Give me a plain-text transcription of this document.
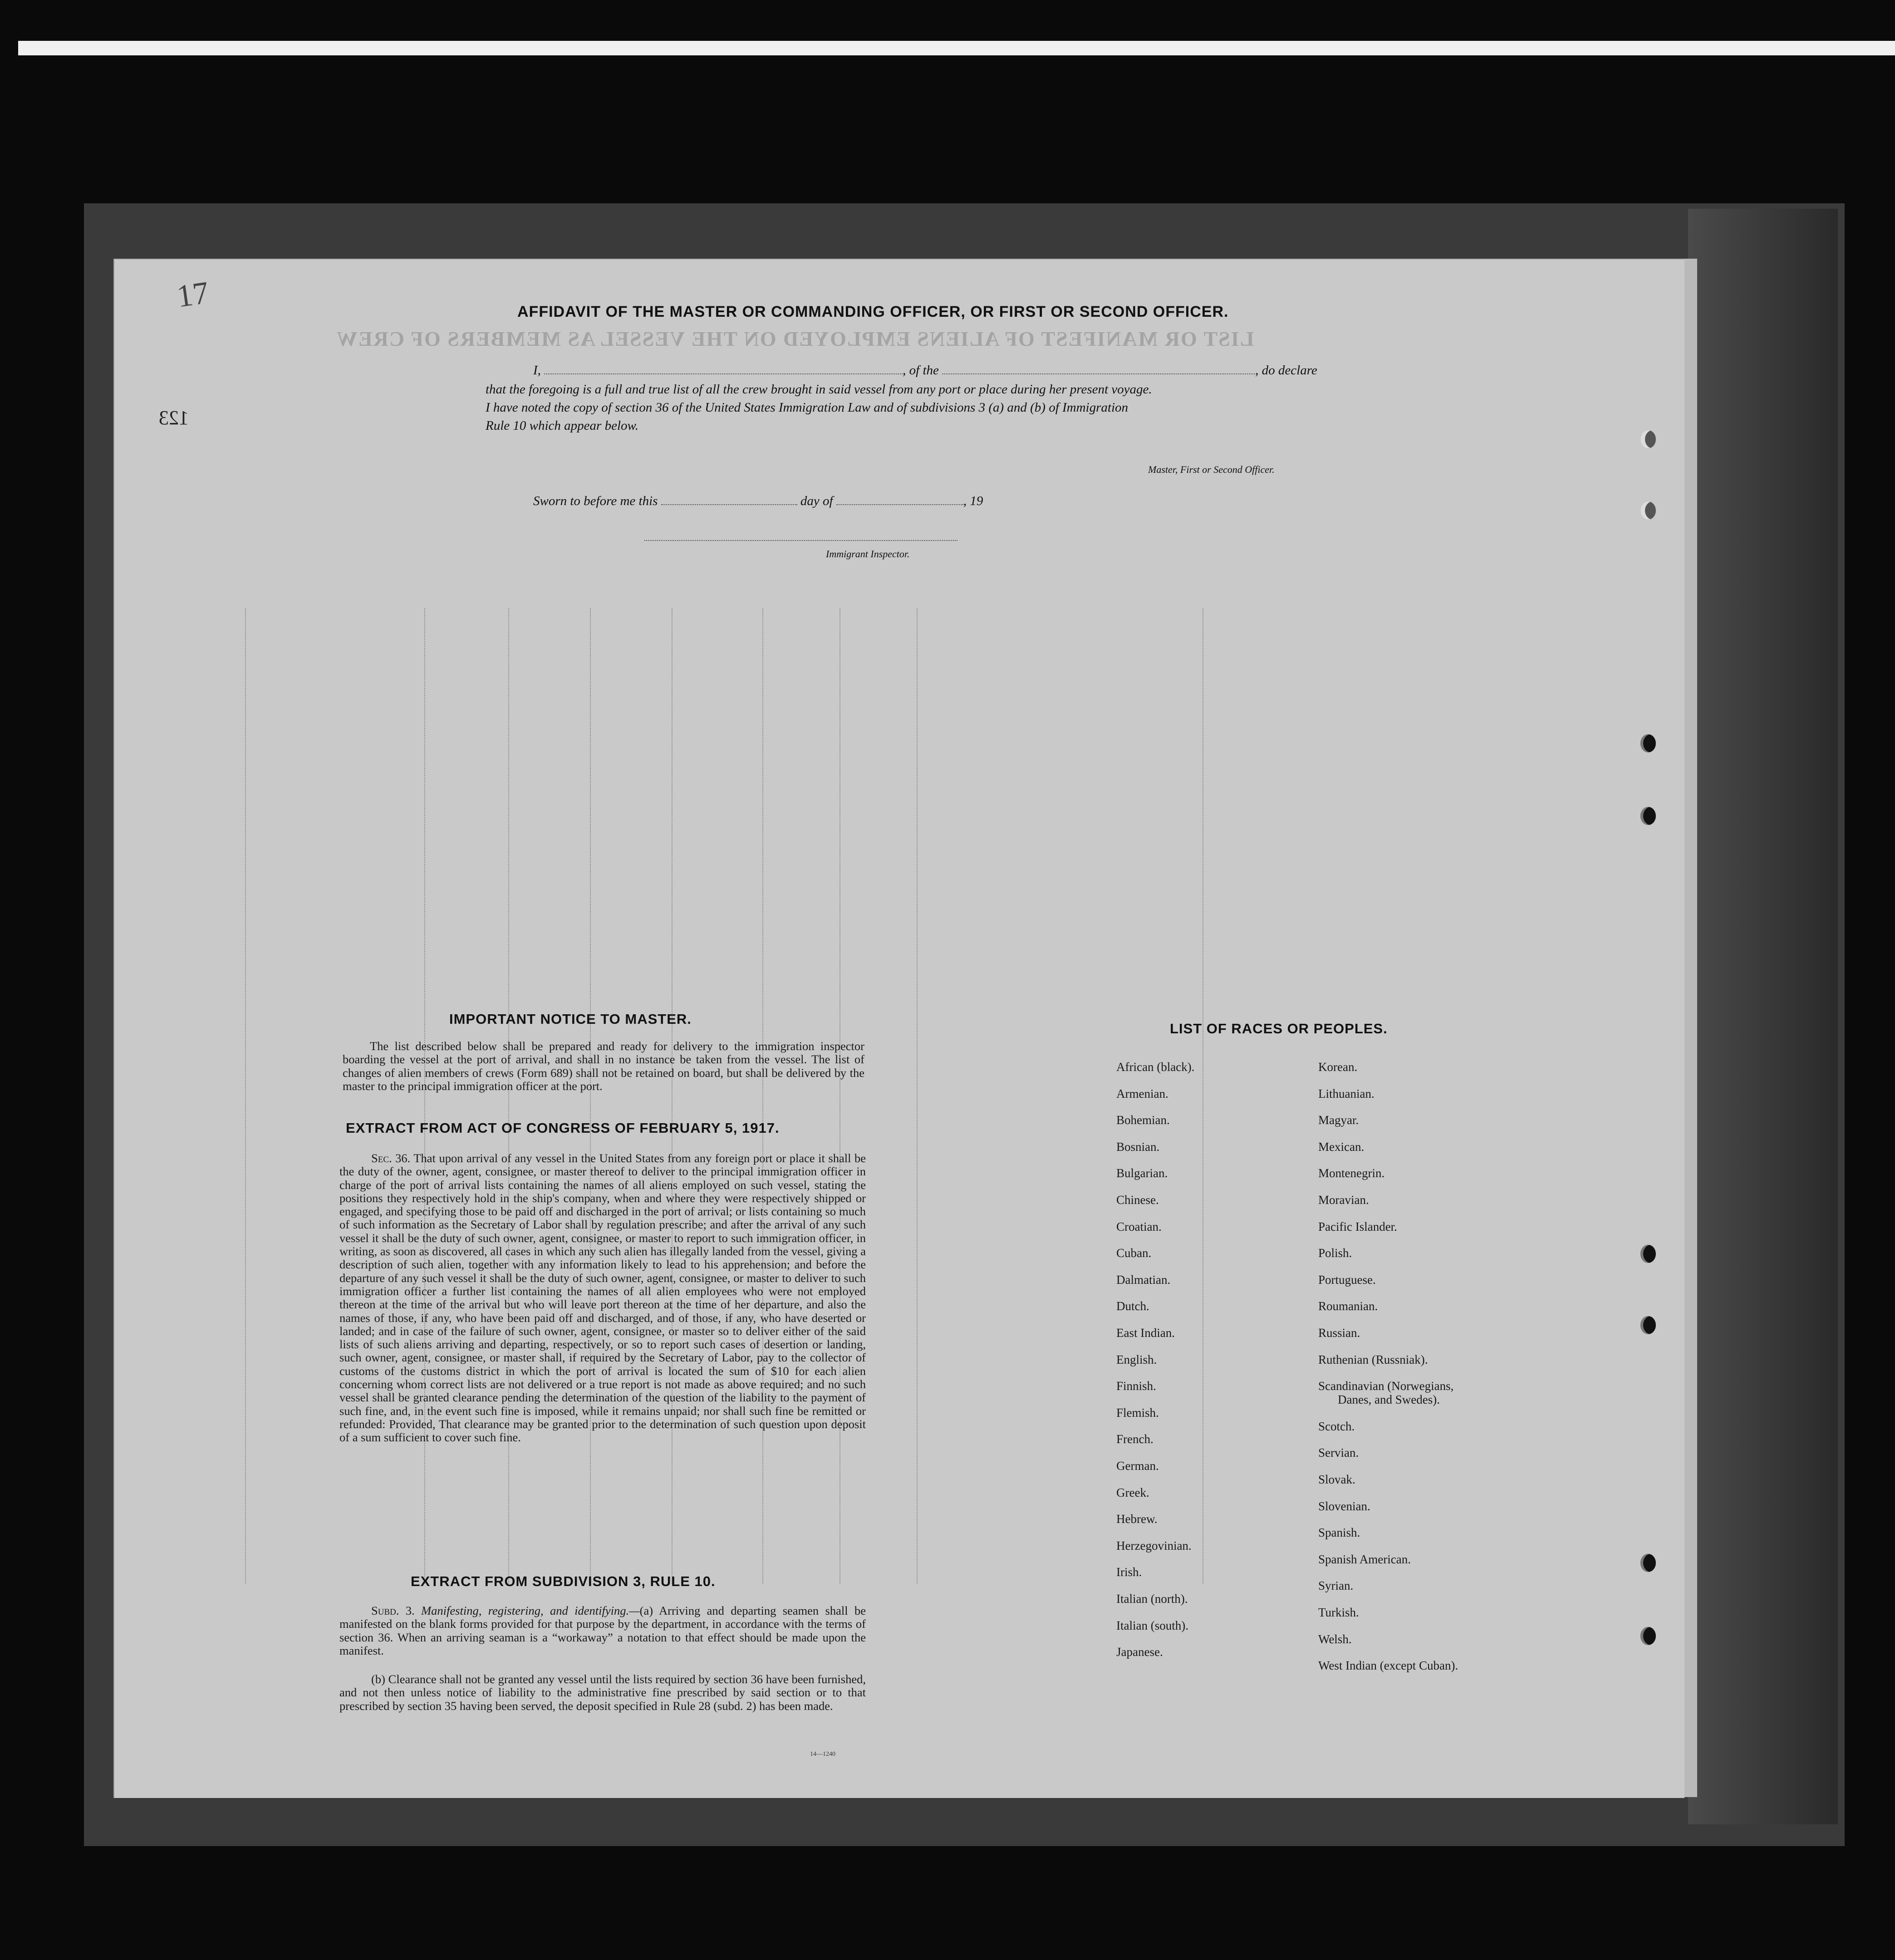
LIST OR MANIFEST OF ALIENS EMPLOYED ON THE VESSEL AS MEMBERS OF CREW
17
123
AFFIDAVIT OF THE MASTER OR COMMANDING OFFICER, OR FIRST OR SECOND OFFICER.
I,	, of the	, do declare
that the foregoing is a full and true list of all the crew brought in said vessel from any port or place during her present voyage.
I have noted the copy of section 36 of the United States Immigration Law and of subdivisions 3 (a) and (b) of Immigration
Rule 10 which appear below.
Master, First or Second Officer.
Sworn to before me this	day of	, 19
Immigrant Inspector.
IMPORTANT NOTICE TO MASTER.
The list described below shall be prepared and ready for delivery to the immigration inspector boarding the vessel at the port of arrival, and shall in no instance be taken from the vessel. The list of changes of alien members of crews (Form 689) shall not be retained on board, but shall be delivered by the master to the principal immigration officer at the port.
EXTRACT FROM ACT OF CONGRESS OF FEBRUARY 5, 1917.
Sec. 36. That upon arrival of any vessel in the United States from any foreign port or place it shall be the duty of the owner, agent, consignee, or master thereof to deliver to the principal immigration officer in charge of the port of arrival lists containing the names of all aliens employed on such vessel, stating the positions they respectively hold in the ship's company, when and where they were respectively shipped or engaged, and specifying those to be paid off and discharged in the port of arrival; or lists containing so much of such information as the Secretary of Labor shall by regulation prescribe; and after the arrival of any such vessel it shall be the duty of such owner, agent, consignee, or master to report to such immigration officer, in writing, as soon as discovered, all cases in which any such alien has illegally landed from the vessel, giving a description of such alien, together with any information likely to lead to his apprehension; and before the departure of any such vessel it shall be the duty of such owner, agent, consignee, or master to deliver to such immigration officer a further list containing the names of all alien employees who were not employed thereon at the time of the arrival but who will leave port thereon at the time of her departure, and also the names of those, if any, who have been paid off and discharged, and of those, if any, who have deserted or landed; and in case of the failure of such owner, agent, consignee, or master so to deliver either of the said lists of such aliens arriving and departing, respectively, or so to report such cases of desertion or landing, such owner, agent, consignee, or master shall, if required by the Secretary of Labor, pay to the collector of customs of the customs district in which the port of arrival is located the sum of $10 for each alien concerning whom correct lists are not delivered or a true report is not made as above required; and no such vessel shall be granted clearance pending the determination of the question of the liability to the payment of such fine, and, in the event such fine is imposed, while it remains unpaid; nor shall such fine be remitted or refunded: Provided, That clearance may be granted prior to the determination of such question upon deposit of a sum sufficient to cover such fine.
EXTRACT FROM SUBDIVISION 3, RULE 10.
Subd. 3. Manifesting, registering, and identifying.—(a) Arriving and departing seamen shall be manifested on the blank forms provided for that purpose by the department, in accordance with the terms of section 36. When an arriving seaman is a “workaway” a notation to that effect should be made upon the manifest.
(b) Clearance shall not be granted any vessel until the lists required by section 36 have been furnished, and not then unless notice of liability to the administrative fine prescribed by said section or to that prescribed by section 35 having been served, the deposit specified in Rule 28 (subd. 2) has been made.
14—1240
LIST OF RACES OR PEOPLES.
African (black).
Armenian.
Bohemian.
Bosnian.
Bulgarian.
Chinese.
Croatian.
Cuban.
Dalmatian.
Dutch.
East Indian.
English.
Finnish.
Flemish.
French.
German.
Greek.
Hebrew.
Herzegovinian.
Irish.
Italian (north).
Italian (south).
Japanese.
Korean.
Lithuanian.
Magyar.
Mexican.
Montenegrin.
Moravian.
Pacific Islander.
Polish.
Portuguese.
Roumanian.
Russian.
Ruthenian (Russniak).
Scandinavian (Norwegians,
Danes, and Swedes).
Scotch.
Servian.
Slovak.
Slovenian.
Spanish.
Spanish American.
Syrian.
Turkish.
Welsh.
West Indian (except Cuban).
